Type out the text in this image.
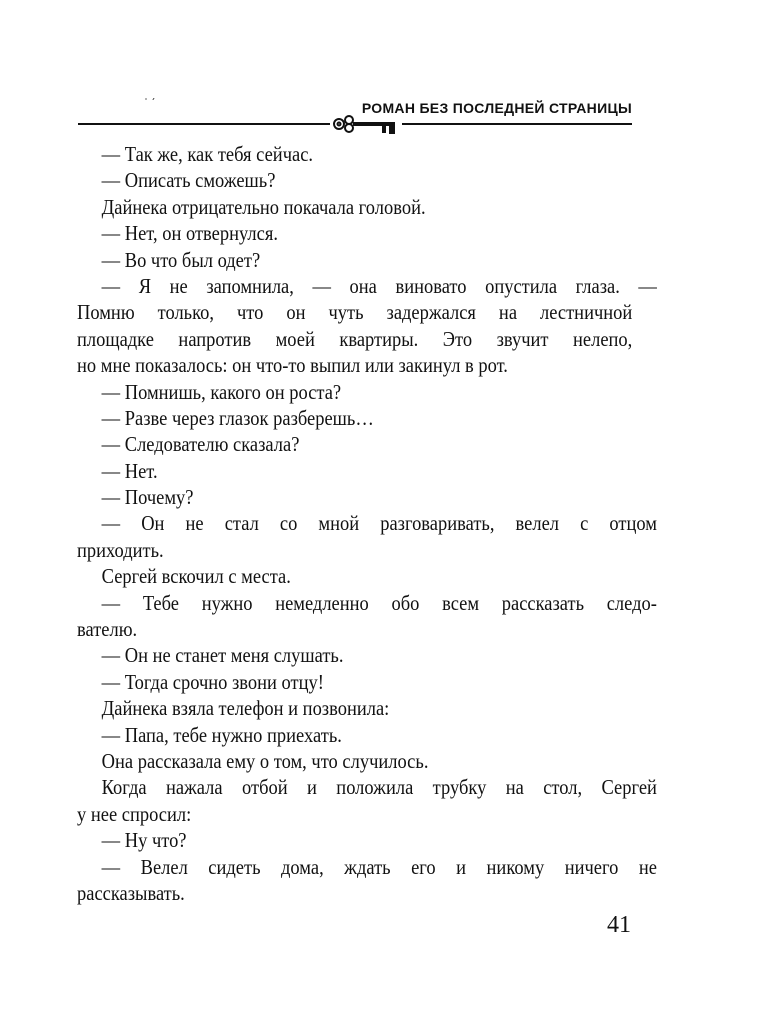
ˈ ˊ	РОМАН БЕЗ ПОСЛЕДНЕЙ СТРАНИЦЫ
— Так же, как тебя сейчас.
— Описать сможешь?
Дайнека отрицательно покачала головой.
— Нет, он отвернулся.
— Во что был одет?
— Я не запомнила, — она виновато опустила глаза. —
Помню только, что он чуть задержался на лестничной
площадке напротив моей квартиры. Это звучит нелепо,
но мне показалось: он что-то выпил или закинул в рот.
— Помнишь, какого он роста?
— Разве через глазок разберешь…
— Следователю сказала?
— Нет.
— Почему?
— Он не стал со мной разговаривать, велел с отцом
приходить.
Сергей вскочил с места.
— Тебе нужно немедленно обо всем рассказать следо-
вателю.
— Он не станет меня слушать.
— Тогда срочно звони отцу!
Дайнека взяла телефон и позвонила:
— Папа, тебе нужно приехать.
Она рассказала ему о том, что случилось.
Когда нажала отбой и положила трубку на стол, Сергей
у нее спросил:
— Ну что?
— Велел сидеть дома, ждать его и никому ничего не
рассказывать.
41
